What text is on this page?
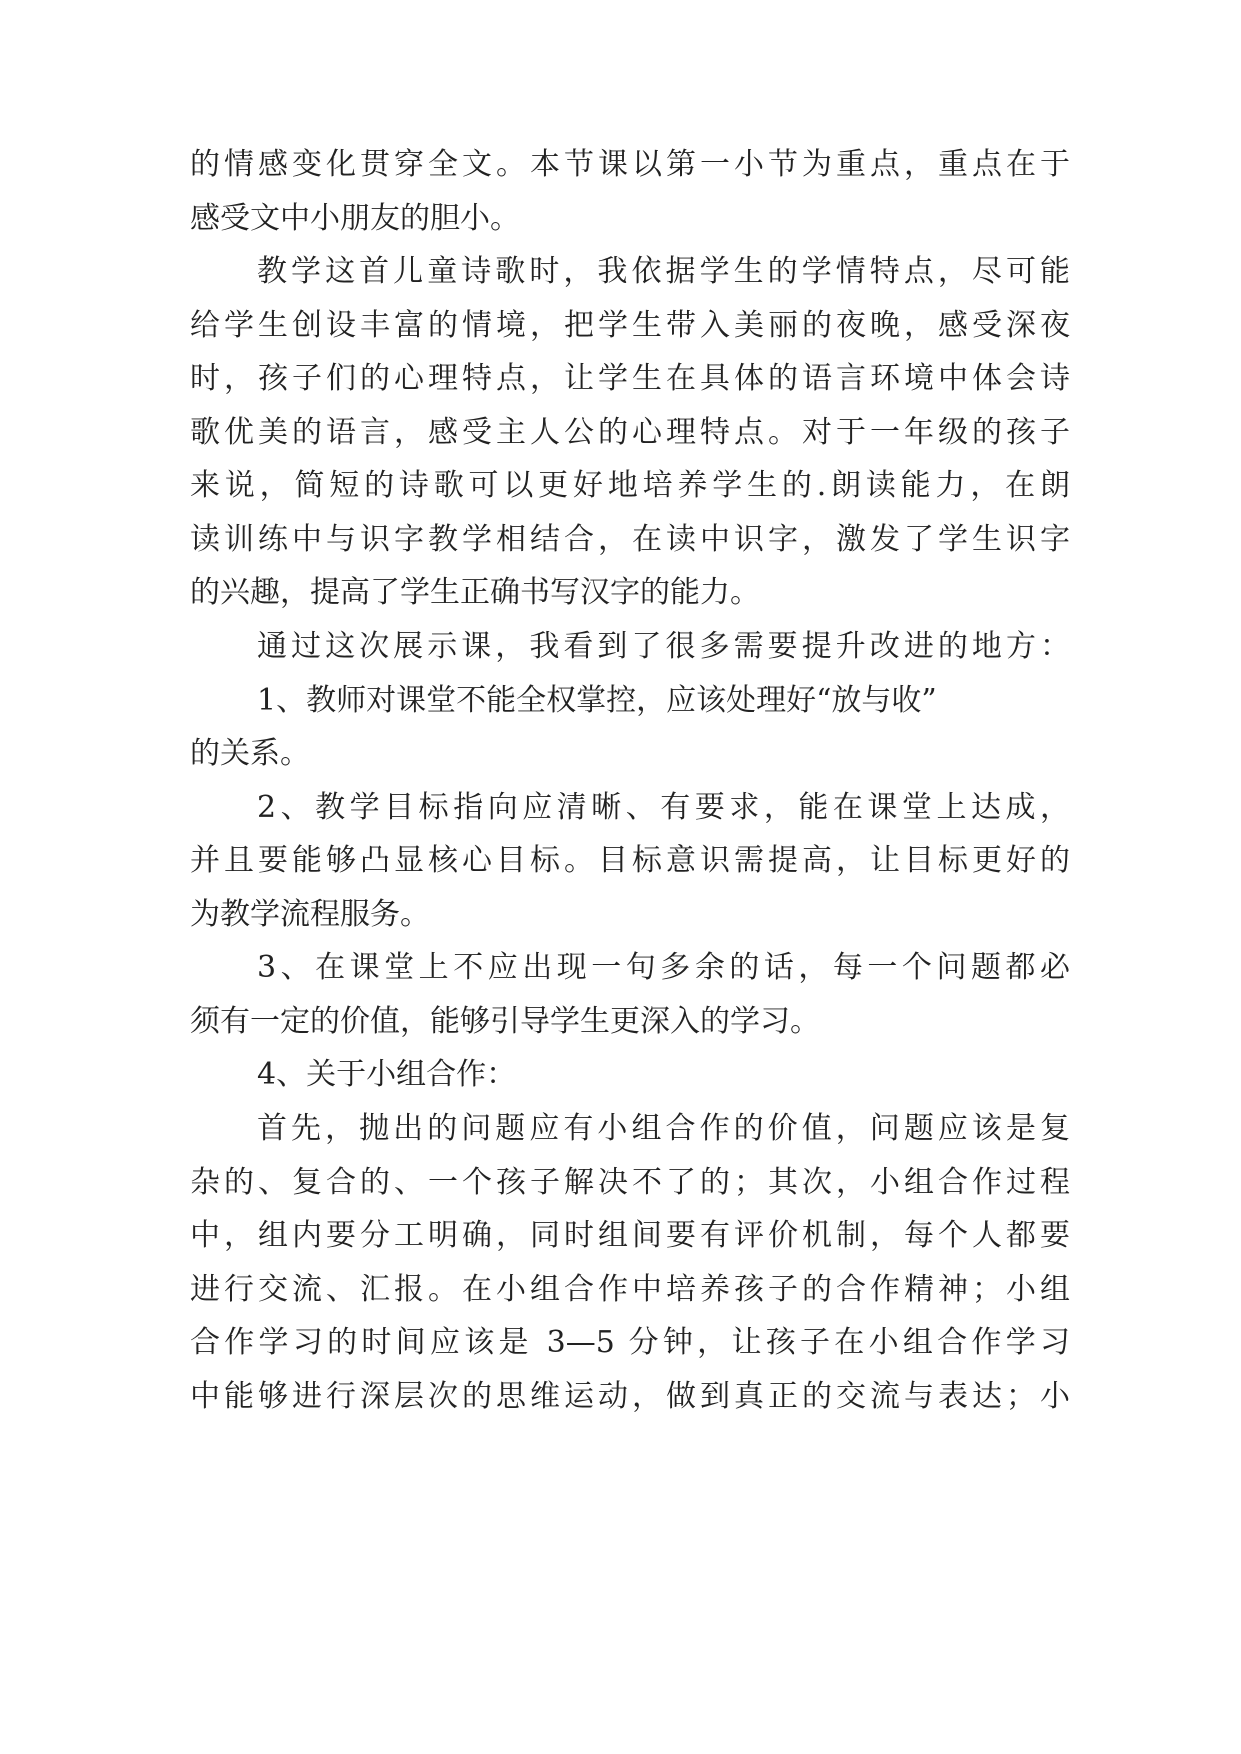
的情感变化贯穿全文。本节课以第一小节为重点，重点在于
感受文中小朋友的胆小。
教学这首儿童诗歌时，我依据学生的学情特点，尽可能
给学生创设丰富的情境，把学生带入美丽的夜晚，感受深夜
时，孩子们的心理特点，让学生在具体的语言环境中体会诗
歌优美的语言，感受主人公的心理特点。对于一年级的孩子
来说，简短的诗歌可以更好地培养学生的.朗读能力，在朗
读训练中与识字教学相结合，在读中识字，激发了学生识字
的兴趣，提高了学生正确书写汉字的能力。
通过这次展示课，我看到了很多需要提升改进的地方：
1、教师对课堂不能全权掌控，应该处理好“放与收”
的关系。
2、教学目标指向应清晰、有要求，能在课堂上达成，
并且要能够凸显核心目标。目标意识需提高，让目标更好的
为教学流程服务。
3、在课堂上不应出现一句多余的话，每一个问题都必
须有一定的价值，能够引导学生更深入的学习。
4、关于小组合作：
首先，抛出的问题应有小组合作的价值，问题应该是复
杂的、复合的、一个孩子解决不了的；其次，小组合作过程
中，组内要分工明确，同时组间要有评价机制，每个人都要
进行交流、汇报。在小组合作中培养孩子的合作精神；小组
合作学习的时间应该是 3—5 分钟，让孩子在小组合作学习
中能够进行深层次的思维运动，做到真正的交流与表达；小
